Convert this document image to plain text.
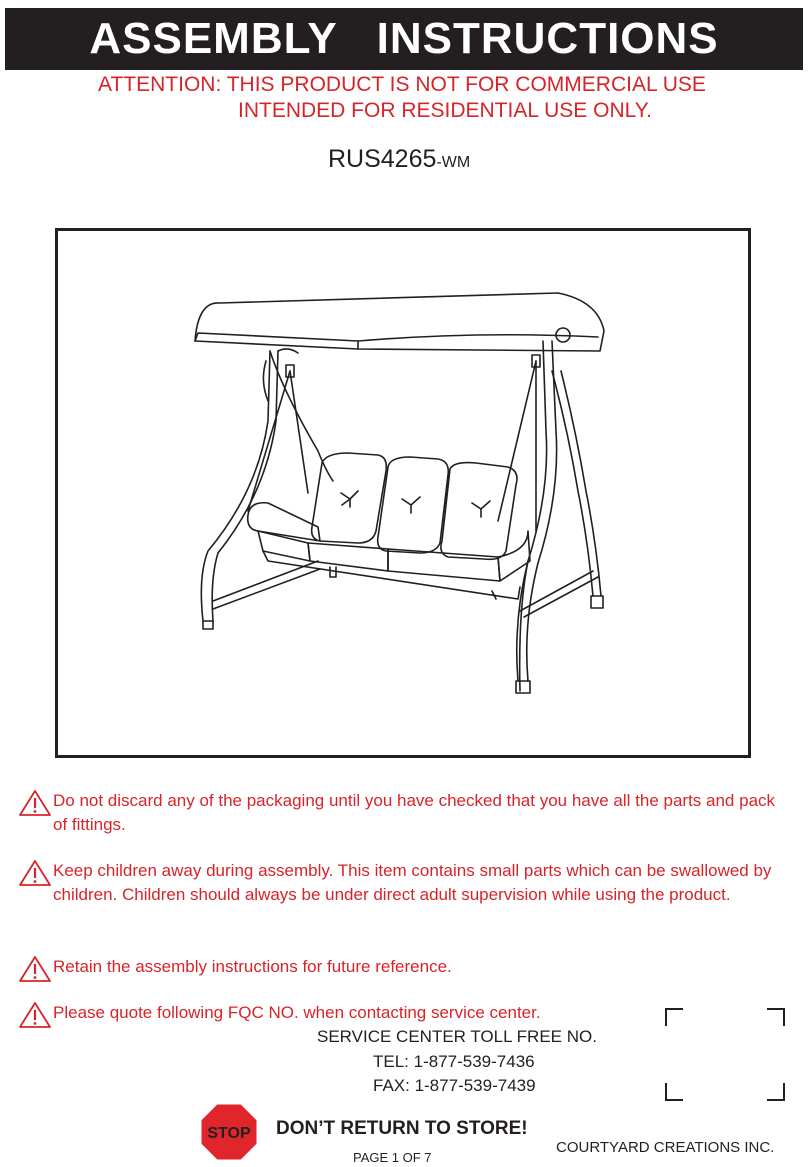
ASSEMBLY   INSTRUCTIONS
ATTENTION: THIS PRODUCT IS NOT FOR COMMERCIAL USE
INTENDED FOR RESIDENTIAL USE ONLY.
RUS4265-WM
Do not discard any of the packaging until you have checked that you have all the parts and pack of fittings.
Keep children away during assembly. This item contains small parts which can be swallowed by children. Children should always be under direct adult supervision while using the product.
Retain the assembly instructions for future reference.
Please quote following FQC NO. when contacting service center.
SERVICE CENTER TOLL FREE NO.
TEL: 1-877-539-7436
FAX: 1-877-539-7439
STOP DON’T RETURN TO STORE!
COURTYARD CREATIONS INC.
PAGE 1 OF 7
